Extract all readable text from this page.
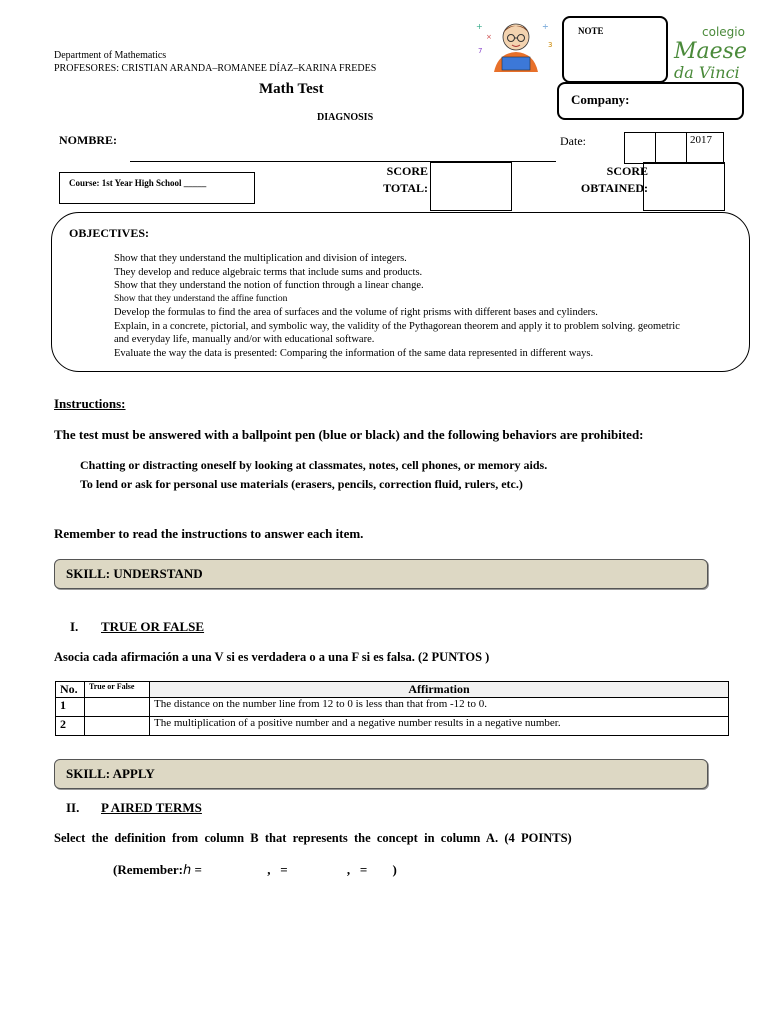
Department of Mathematics
PROFESORES: CRISTIAN ARANDA–ROMANEE DÍAZ–KARINA FREDES
Math Test
DIAGNOSIS
+
×
÷
3
7
NOTE	colegio
Maese
da Vinci
Company:
NOMBRE:	Date:	2017
Course: 1st Year High School _____
SCORE
TOTAL:
SCORE
OBTAINED:
OBJECTIVES:
Show that they understand the multiplication and division of integers.
They develop and reduce algebraic terms that include sums and products.
Show that they understand the notion of function through a linear change.
Show that they understand the affine function
Develop the formulas to find the area of surfaces and the volume of right prisms with different bases and cylinders.
Explain, in a concrete, pictorial, and symbolic way, the validity of the Pythagorean theorem and apply it to problem solving. geometric and everyday life, manually and/or with educational software.
Evaluate the way the data is presented: Comparing the information of the same data represented in different ways.
Instructions:
The test must be answered with a ballpoint pen (blue or black) and the following behaviors are prohibited:
Chatting or distracting oneself by looking at classmates, notes, cell phones, or memory aids.
To lend or ask for personal use materials (erasers, pencils, correction fluid, rulers, etc.)
Remember to read the instructions to answer each item.
SKILL: UNDERSTAND
I. TRUE OR FALSE
Asocia cada afirmación a una V si es verdadera o a una F si es falsa. (2 PUNTOS )
No.	True or False	Affirmation
1		The distance on the number line from 12 to 0 is less than that from -12 to 0.
2		The multiplication of a positive number and a negative number results in a negative number.
SKILL: APPLY
II. P AIRED TERMS
Select  the  definition  from  column  B  that  represents  the  concept  in  column  A.  (4  POINTS)
(Remember:h =	,   =	,   = )
